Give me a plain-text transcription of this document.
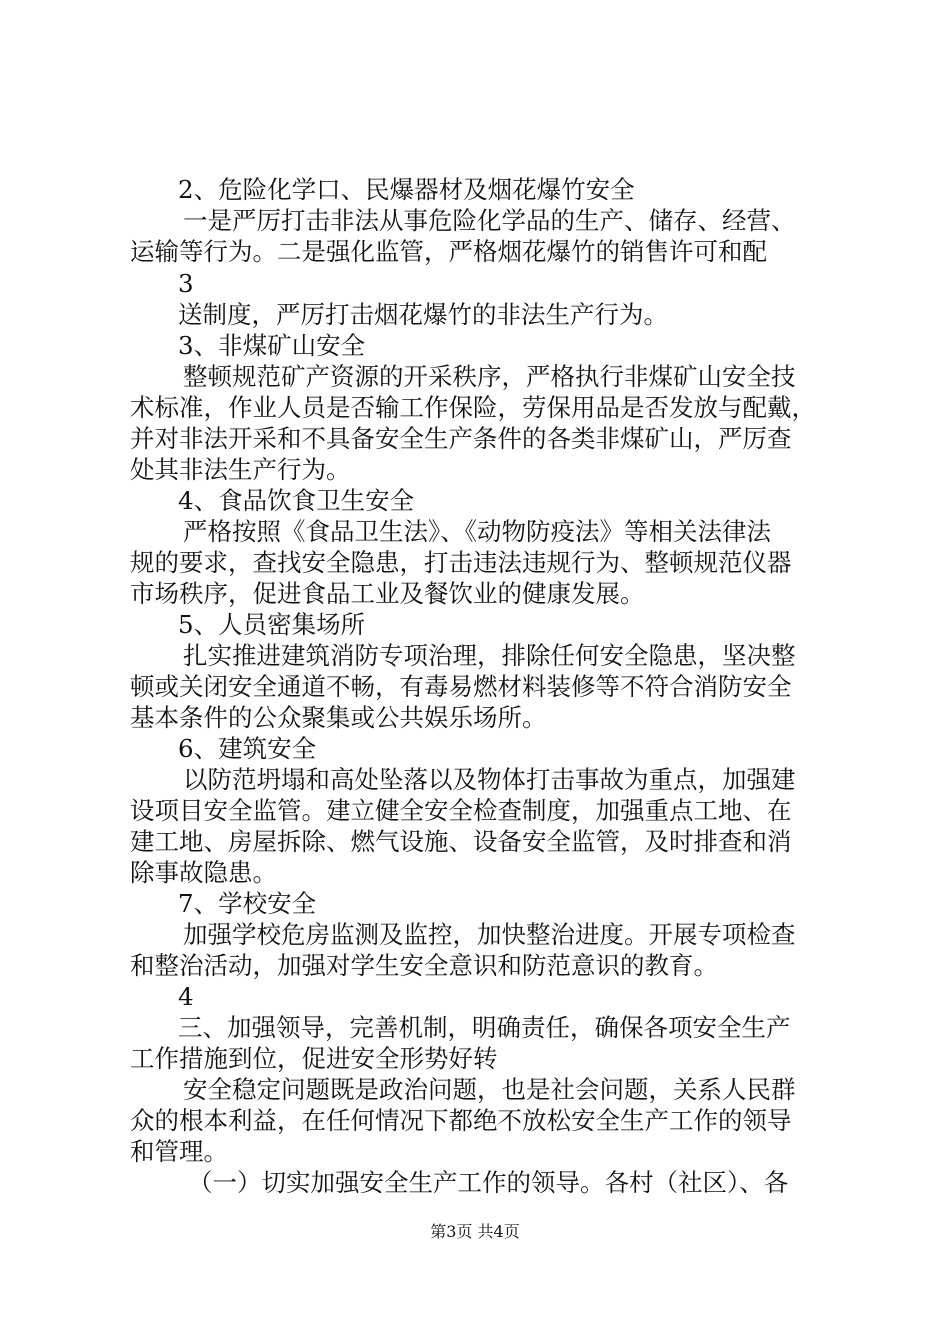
2、危险化学口、民爆器材及烟花爆竹安全
一是严厉打击非法从事危险化学品的生产、储存、经营、
运输等行为。二是强化监管，严格烟花爆竹的销售许可和配
3
送制度，严厉打击烟花爆竹的非法生产行为。
3、非煤矿山安全
整顿规范矿产资源的开采秩序，严格执行非煤矿山安全技
术标准，作业人员是否输工作保险，劳保用品是否发放与配戴，
并对非法开采和不具备安全生产条件的各类非煤矿山，严厉查
处其非法生产行为。
4、食品饮食卫生安全
严格按照《食品卫生法》、《动物防疫法》等相关法律法
规的要求，查找安全隐患，打击违法违规行为、整顿规范仪器
市场秩序，促进食品工业及餐饮业的健康发展。
5、人员密集场所
扎实推进建筑消防专项治理，排除任何安全隐患，坚决整
顿或关闭安全通道不畅，有毒易燃材料装修等不符合消防安全
基本条件的公众聚集或公共娱乐场所。
6、建筑安全
以防范坍塌和高处坠落以及物体打击事故为重点，加强建
设项目安全监管。建立健全安全检查制度，加强重点工地、在
建工地、房屋拆除、燃气设施、设备安全监管，及时排查和消
除事故隐患。
7、学校安全
加强学校危房监测及监控，加快整治进度。开展专项检查
和整治活动，加强对学生安全意识和防范意识的教育。
4
三、加强领导，完善机制，明确责任，确保各项安全生产
工作措施到位，促进安全形势好转
安全稳定问题既是政治问题，也是社会问题，关系人民群
众的根本利益，在任何情况下都绝不放松安全生产工作的领导
和管理。
（一）切实加强安全生产工作的领导。各村（社区）、各
第3页 共4页
